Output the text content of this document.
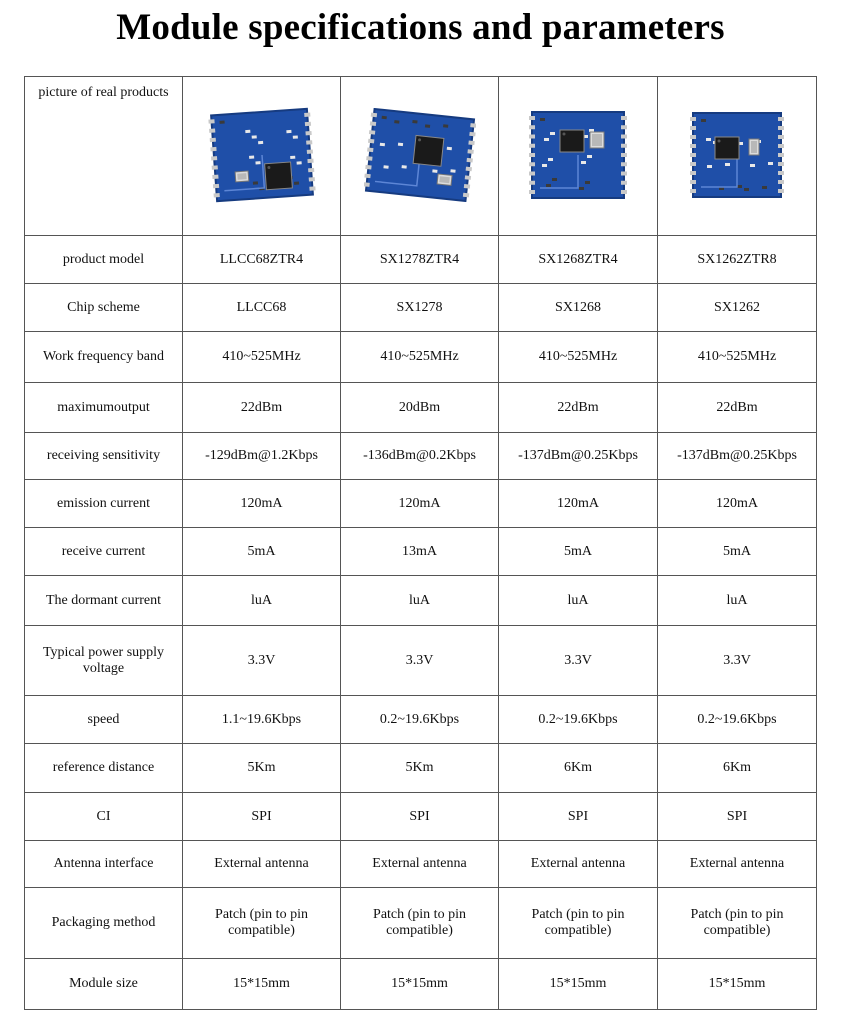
Module specifications and parameters
picture of real products	

product model	LLCC68ZTR4	SX1278ZTR4	SX1268ZTR4	SX1262ZTR8
Chip scheme	LLCC68	SX1278	SX1268	SX1262
Work frequency band	410~525MHz	410~525MHz	410~525MHz	410~525MHz
maximumoutput	22dBm	20dBm	22dBm	22dBm
receiving sensitivity	-129dBm@1.2Kbps	-136dBm@0.2Kbps	-137dBm@0.25Kbps	-137dBm@0.25Kbps
emission current	120mA	120mA	120mA	120mA
receive current	5mA	13mA	5mA	5mA
The dormant current	luA	luA	luA	luA
Typical power supply voltage	3.3V	3.3V	3.3V	3.3V
speed	1.1~19.6Kbps	0.2~19.6Kbps	0.2~19.6Kbps	0.2~19.6Kbps
reference distance	5Km	5Km	6Km	6Km
CI	SPI	SPI	SPI	SPI
Antenna interface	External antenna	External antenna	External antenna	External antenna
Packaging method	Patch (pin to pin compatible)	Patch (pin to pin compatible)	Patch (pin to pin compatible)	Patch (pin to pin compatible)
Module size	15*15mm	15*15mm	15*15mm	15*15mm
